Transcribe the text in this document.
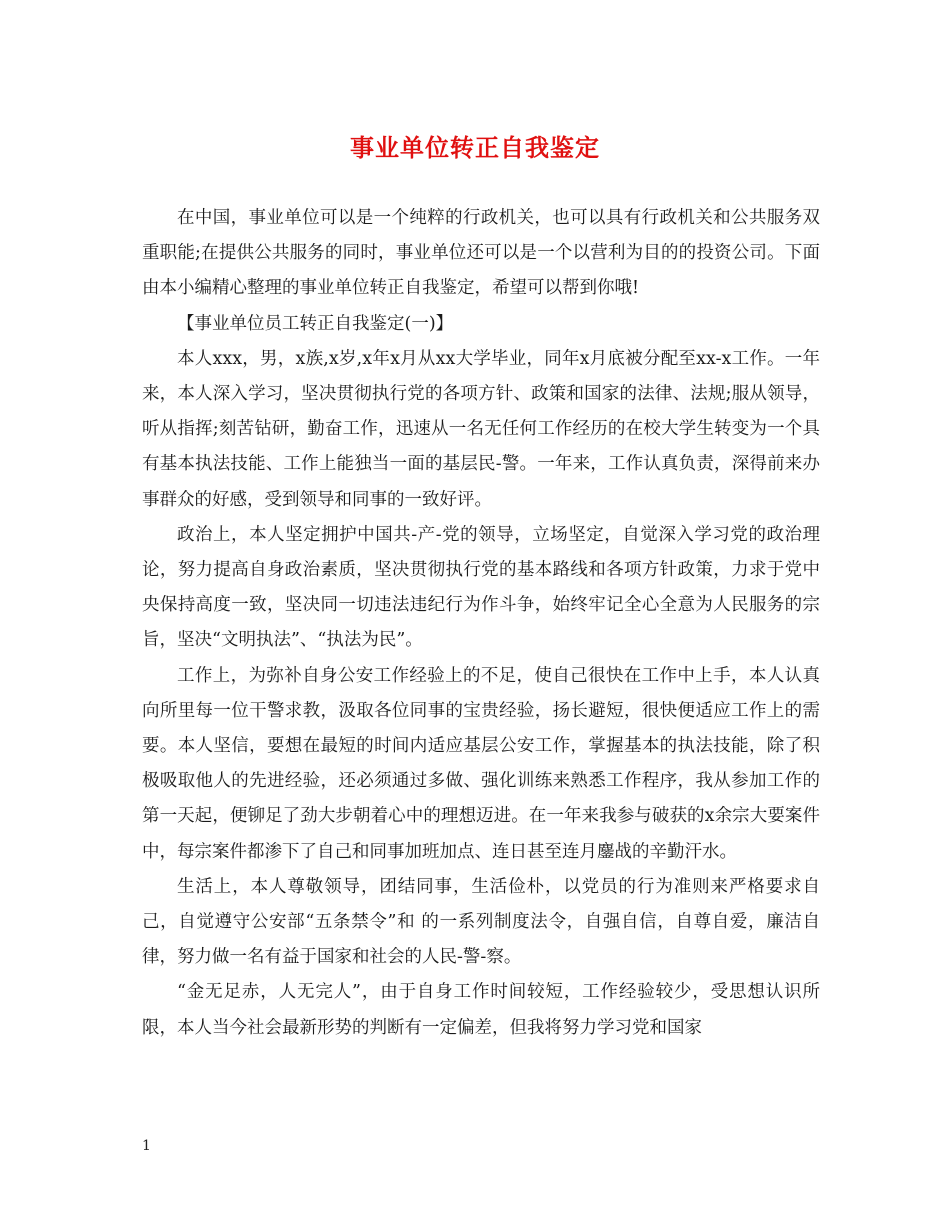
事业单位转正自我鉴定

在中国，事业单位可以是一个纯粹的行政机关，也可以具有行政机关和公共服务双重职能;在提供公共服务的同时，事业单位还可以是一个以营利为目的的投资公司。下面由本小编精心整理的事业单位转正自我鉴定，希望可以帮到你哦!

【事业单位员工转正自我鉴定(一)】

本人xxx，男，x族,x岁,x年x月从xx大学毕业，同年x月底被分配至xx-x工作。一年来，本人深入学习，坚决贯彻执行党的各项方针、政策和国家的法律、法规;服从领导，听从指挥;刻苦钻研，勤奋工作，迅速从一名无任何工作经历的在校大学生转变为一个具有基本执法技能、工作上能独当一面的基层民-警。一年来，工作认真负责，深得前来办事群众的好感，受到领导和同事的一致好评。

政治上，本人坚定拥护中国共-产-党的领导，立场坚定，自觉深入学习党的政治理论，努力提高自身政治素质，坚决贯彻执行党的基本路线和各项方针政策，力求于党中央保持高度一致，坚决同一切违法违纪行为作斗争，始终牢记全心全意为人民服务的宗旨，坚决“文明执法”、“执法为民”。

工作上，为弥补自身公安工作经验上的不足，使自己很快在工作中上手，本人认真向所里每一位干警求教，汲取各位同事的宝贵经验，扬长避短，很快便适应工作上的需要。本人坚信，要想在最短的时间内适应基层公安工作，掌握基本的执法技能，除了积极吸取他人的先进经验，还必须通过多做、强化训练来熟悉工作程序，我从参加工作的第一天起，便铆足了劲大步朝着心中的理想迈进。在一年来我参与破获的x余宗大要案件中，每宗案件都渗下了自己和同事加班加点、连日甚至连月鏖战的辛勤汗水。

生活上，本人尊敬领导，团结同事，生活俭朴，以党员的行为准则来严格要求自己，自觉遵守公安部“五条禁令”和 的一系列制度法令，自强自信，自尊自爱，廉洁自律，努力做一名有益于国家和社会的人民-警-察。

“金无足赤，人无完人”，由于自身工作时间较短，工作经验较少，受思想认识所限，本人当今社会最新形势的判断有一定偏差，但我将努力学习党和国家

1
